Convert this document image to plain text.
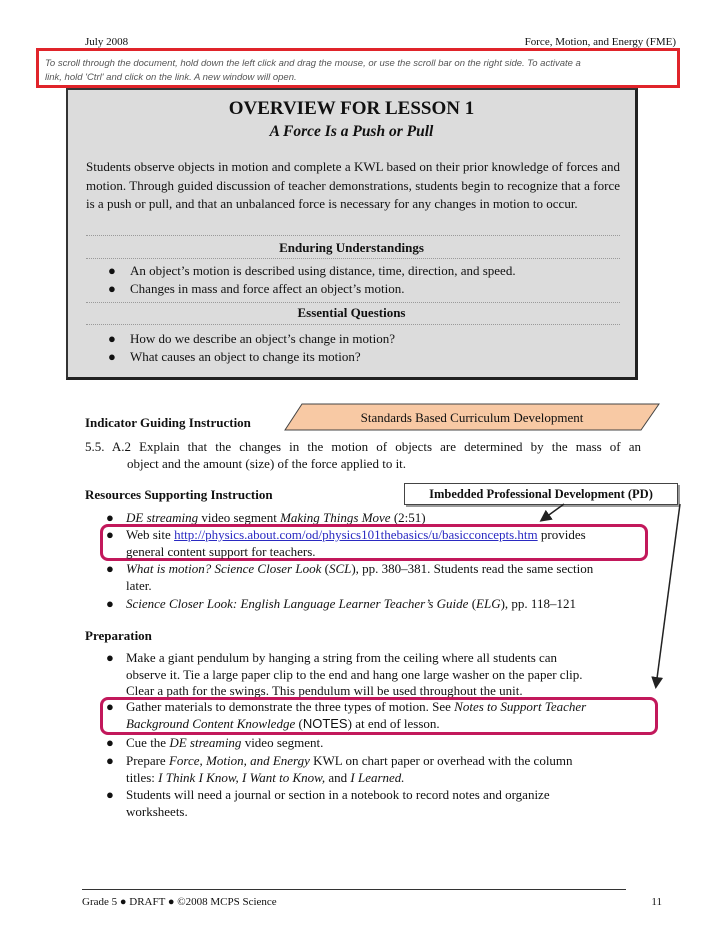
July 2008	Force, Motion, and Energy (FME)
To scroll through the document, hold down the left click and drag the mouse, or use the scroll bar on the right side. To activate a
link, hold 'Ctrl' and click on the link. A new window will open.
OVERVIEW FOR LESSON 1
A Force Is a Push or Pull
Students observe objects in motion and complete a KWL based on their prior knowledge of forces and motion. Through guided discussion of teacher demonstrations, students begin to recognize that a force is a push or pull, and that an unbalanced force is necessary for any changes in motion to occur.
Enduring Understandings
● An object’s motion is described using distance, time, direction, and speed.
● Changes in mass and force affect an object’s motion.
Essential Questions
● How do we describe an object’s change in motion?
● What causes an object to change its motion?
Indicator Guiding Instruction	Standards Based Curriculum Development
5.5. A.2 Explain that the changes in the motion of objects are determined by the mass of an
object and the amount (size) of the force applied to it.
Resources Supporting Instruction	Imbedded Professional Development (PD)
● DE streaming video segment Making Things Move (2:51)
● Web site http://physics.about.com/od/physics101thebasics/u/basicconcepts.htm provides
general content support for teachers.
● What is motion? Science Closer Look (SCL), pp. 380–381. Students read the same section
later.
● Science Closer Look: English Language Learner Teacher’s Guide (ELG), pp. 118–121
Preparation
● Make a giant pendulum by hanging a string from the ceiling where all students can
observe it. Tie a large paper clip to the end and hang one large washer on the paper clip.
Clear a path for the swings. This pendulum will be used throughout the unit.
● Gather materials to demonstrate the three types of motion. See Notes to Support Teacher
Background Content Knowledge (NOTES) at end of lesson.
● Cue the DE streaming video segment.
● Prepare Force, Motion, and Energy KWL on chart paper or overhead with the column
titles: I Think I Know, I Want to Know, and I Learned.
● Students will need a journal or section in a notebook to record notes and organize
worksheets.
Grade 5 ● DRAFT ● ©2008 MCPS Science	11
